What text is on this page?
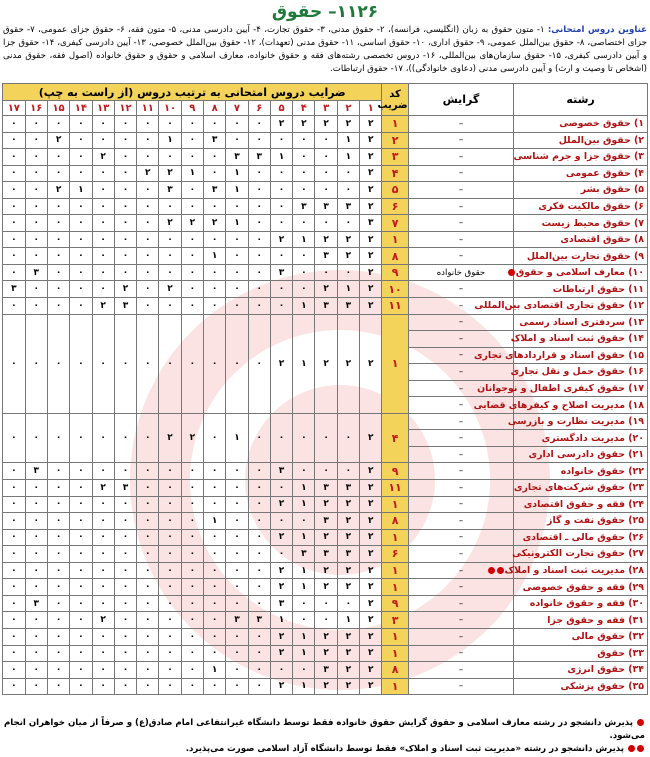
۱۱۲۶– حقوق
عناوین دروس امتحانی: ۱- متون حقوق به زبان (انگلیسی، فرانسه)، ۲- حقوق مدنی، ۳- حقوق تجارت، ۴- آیین دادرسی مدنی، ۵- متون فقه، ۶- حقوق جزای عمومی، ۷- حقوق جزای اختصاصی، ۸- حقوق بین‌الملل عمومی، ۹- حقوق اداری، ۱۰- حقوق اساسی، ۱۱- حقوق مدنی (تعهدات)، ۱۲- حقوق بین‌الملل خصوصی، ۱۳- آیین دادرسی کیفری، ۱۴- حقوق جزا و آیین دادرسی کیفری، ۱۵- حقوق سازمان‌های بین‌المللی، ۱۶- دروس تخصصی رشته‌های فقه و حقوق خانواده، معارف اسلامی و حقوق و حقوق خانواده (اصول فقه، حقوق مدنی (اشخاص تا وصیت و ارث) و آیین دادرسی مدنی (دعاوی خانوادگی))، ۱۷- حقوق ارتباطات.
رشته	گرایش	کد ضریب	ضرایب دروس امتحانی به ترتیب دروس (از راست به چپ)																
			۱	۲	۳	۴	۵	۶	۷	۸	۹	۱۰	۱۱	۱۲	۱۳	۱۴	۱۵	۱۶	۱۷
۱) حقوق خصوصی	–	۱	۲	۲	۲	۲	۲	۰	۰	۰	۰	۰	۰	۰	۰	۰	۰	۰	۰
۲) حقوق بین‌الملل	–	۲	۲	۱	۰	۰	۰	۰	۰	۳	۰	۱	۰	۰	۰	۰	۲	۰	۰
۳) حقوق جزا و جرم شناسی	–	۳	۲	۱	۰	۰	۱	۳	۳	۰	۰	۰	۰	۰	۲	۰	۰	۰	۰
۴) حقوق عمومی	–	۴	۲	۰	۰	۰	۰	۰	۱	۰	۱	۲	۲	۰	۰	۰	۰	۰	۰
۵) حقوق بشر	–	۵	۲	۰	۰	۰	۰	۰	۱	۳	۰	۳	۰	۰	۰	۱	۲	۰	۰
۶) حقوق مالکیت فکری	–	۶	۲	۳	۳	۳	۰	۰	۰	۰	۰	۰	۰	۰	۰	۰	۰	۰	۰
۷) حقوق محیط زیست	–	۷	۳	۰	۰	۰	۰	۰	۱	۲	۲	۲	۰	۰	۰	۰	۰	۰	۰
۸) حقوق اقتصادی	–	۱	۲	۲	۲	۱	۲	۰	۰	۰	۰	۰	۰	۰	۰	۰	۰	۰	۰
۹) حقوق تجارت بین‌الملل	–	۸	۲	۲	۳	۰	۰	۰	۰	۱	۰	۰	۰	۰	۰	۰	۰	۰	۰
۱۰) معارف اسلامی و حقوق	حقوق خانواده	۹	۲	۰	۰	۰	۳	۰	۰	۰	۰	۰	۰	۰	۰	۰	۰	۳	۰
۱۱) حقوق ارتباطات	–	۱۰	۲	۱	۲	۰	۰	۰	۰	۰	۰	۲	۰	۲	۰	۰	۰	۰	۳
۱۲) حقوق تجاری اقتصادی بین‌المللی	–	۱۱	۲	۳	۳	۱	۰	۰	۰	۰	۰	۰	۰	۳	۲	۰	۰	۰	۰
۱۳) سردفتری اسناد رسمی	–	۱	۲	۲	۲	۱	۲	۰	۰	۰	۰	۰	۰	۰	۰	۰	۰	۰	۰
۱۴) حقوق ثبت اسناد و املاک	–																		
۱۵) حقوق اسناد و قراردادهای تجاری	–																		
۱۶) حقوق حمل و نقل تجاری	–																		
۱۷) حقوق کیفری اطفال و نوجوانان	–																		
۱۸) مدیریت اصلاح و کیفرهای قضایی	–																		
۱۹) مدیریت نظارت و بازرسی	–	۴	۲	۰	۰	۰	۰	۰	۱	۰	۲	۲	۰	۰	۰	۰	۰	۰	۰
۲۰) مدیریت دادگستری	–																		
۲۱) حقوق دادرسی اداری	–																		
۲۲) حقوق خانواده	–	۹	۲	۰	۰	۰	۳	۰	۰	۰	۰	۰	۰	۰	۰	۰	۰	۳	۰
۲۳) حقوق شرکت‌های تجاری	–	۱۱	۲	۳	۳	۱	۰	۰	۰	۰	۰	۰	۰	۳	۲	۰	۰	۰	۰
۲۴) فقه و حقوق اقتصادی	–	۱	۲	۲	۲	۱	۲	۰	۰	۰	۰	۰	۰	۰	۰	۰	۰	۰	۰
۲۵) حقوق نفت و گاز	–	۸	۲	۲	۳	۰	۰	۰	۰	۱	۰	۰	۰	۰	۰	۰	۰	۰	۰
۲۶) حقوق مالی ـ اقتصادی	–	۱	۲	۲	۲	۱	۲	۰	۰	۰	۰	۰	۰	۰	۰	۰	۰	۰	۰
۲۷) حقوق تجارت الکترونیکی	–	۶	۲	۳	۳	۳	۰	۰	۰	۰	۰	۰	۰	۰	۰	۰	۰	۰	۰
۲۸) مدیریت ثبت اسناد و املاک	–	۱	۲	۲	۲	۱	۲	۰	۰	۰	۰	۰	۰	۰	۰	۰	۰	۰	۰
۲۹) فقه و حقوق خصوصی	–	۱	۲	۲	۲	۱	۲	۰	۰	۰	۰	۰	۰	۰	۰	۰	۰	۰	۰
۳۰) فقه و حقوق خانواده	–	۹	۲	۰	۰	۰	۳	۰	۰	۰	۰	۰	۰	۰	۰	۰	۰	۳	۰
۳۱) فقه و حقوق جزا	–	۳	۲	۱	۰	۰	۱	۳	۳	۰	۰	۰	۰	۰	۲	۰	۰	۰	۰
۳۲) حقوق مالی	–	۱	۲	۲	۲	۱	۲	۰	۰	۰	۰	۰	۰	۰	۰	۰	۰	۰	۰
۳۳) حقوق	–	۱	۲	۲	۲	۱	۲	۰	۰	۰	۰	۰	۰	۰	۰	۰	۰	۰	۰
۳۴) حقوق انرژی	–	۸	۲	۲	۳	۰	۰	۰	۰	۱	۰	۰	۰	۰	۰	۰	۰	۰	۰
۳۵) حقوق پزشکی	–	۱	۲	۲	۲	۱	۲	۰	۰	۰	۰	۰	۰	۰	۰	۰	۰	۰	۰
پذیرش دانشجو در رشته معارف اسلامی و حقوق گرایش حقوق خانواده فقط توسط دانشگاه غیرانتفاعی امام صادق(ع) و صرفاً از میان خواهران انجام می‌شود.
پذیرش دانشجو در رشته «مدیریت ثبت اسناد و املاک» فقط توسط دانشگاه آزاد اسلامی صورت می‌پذیرد.
